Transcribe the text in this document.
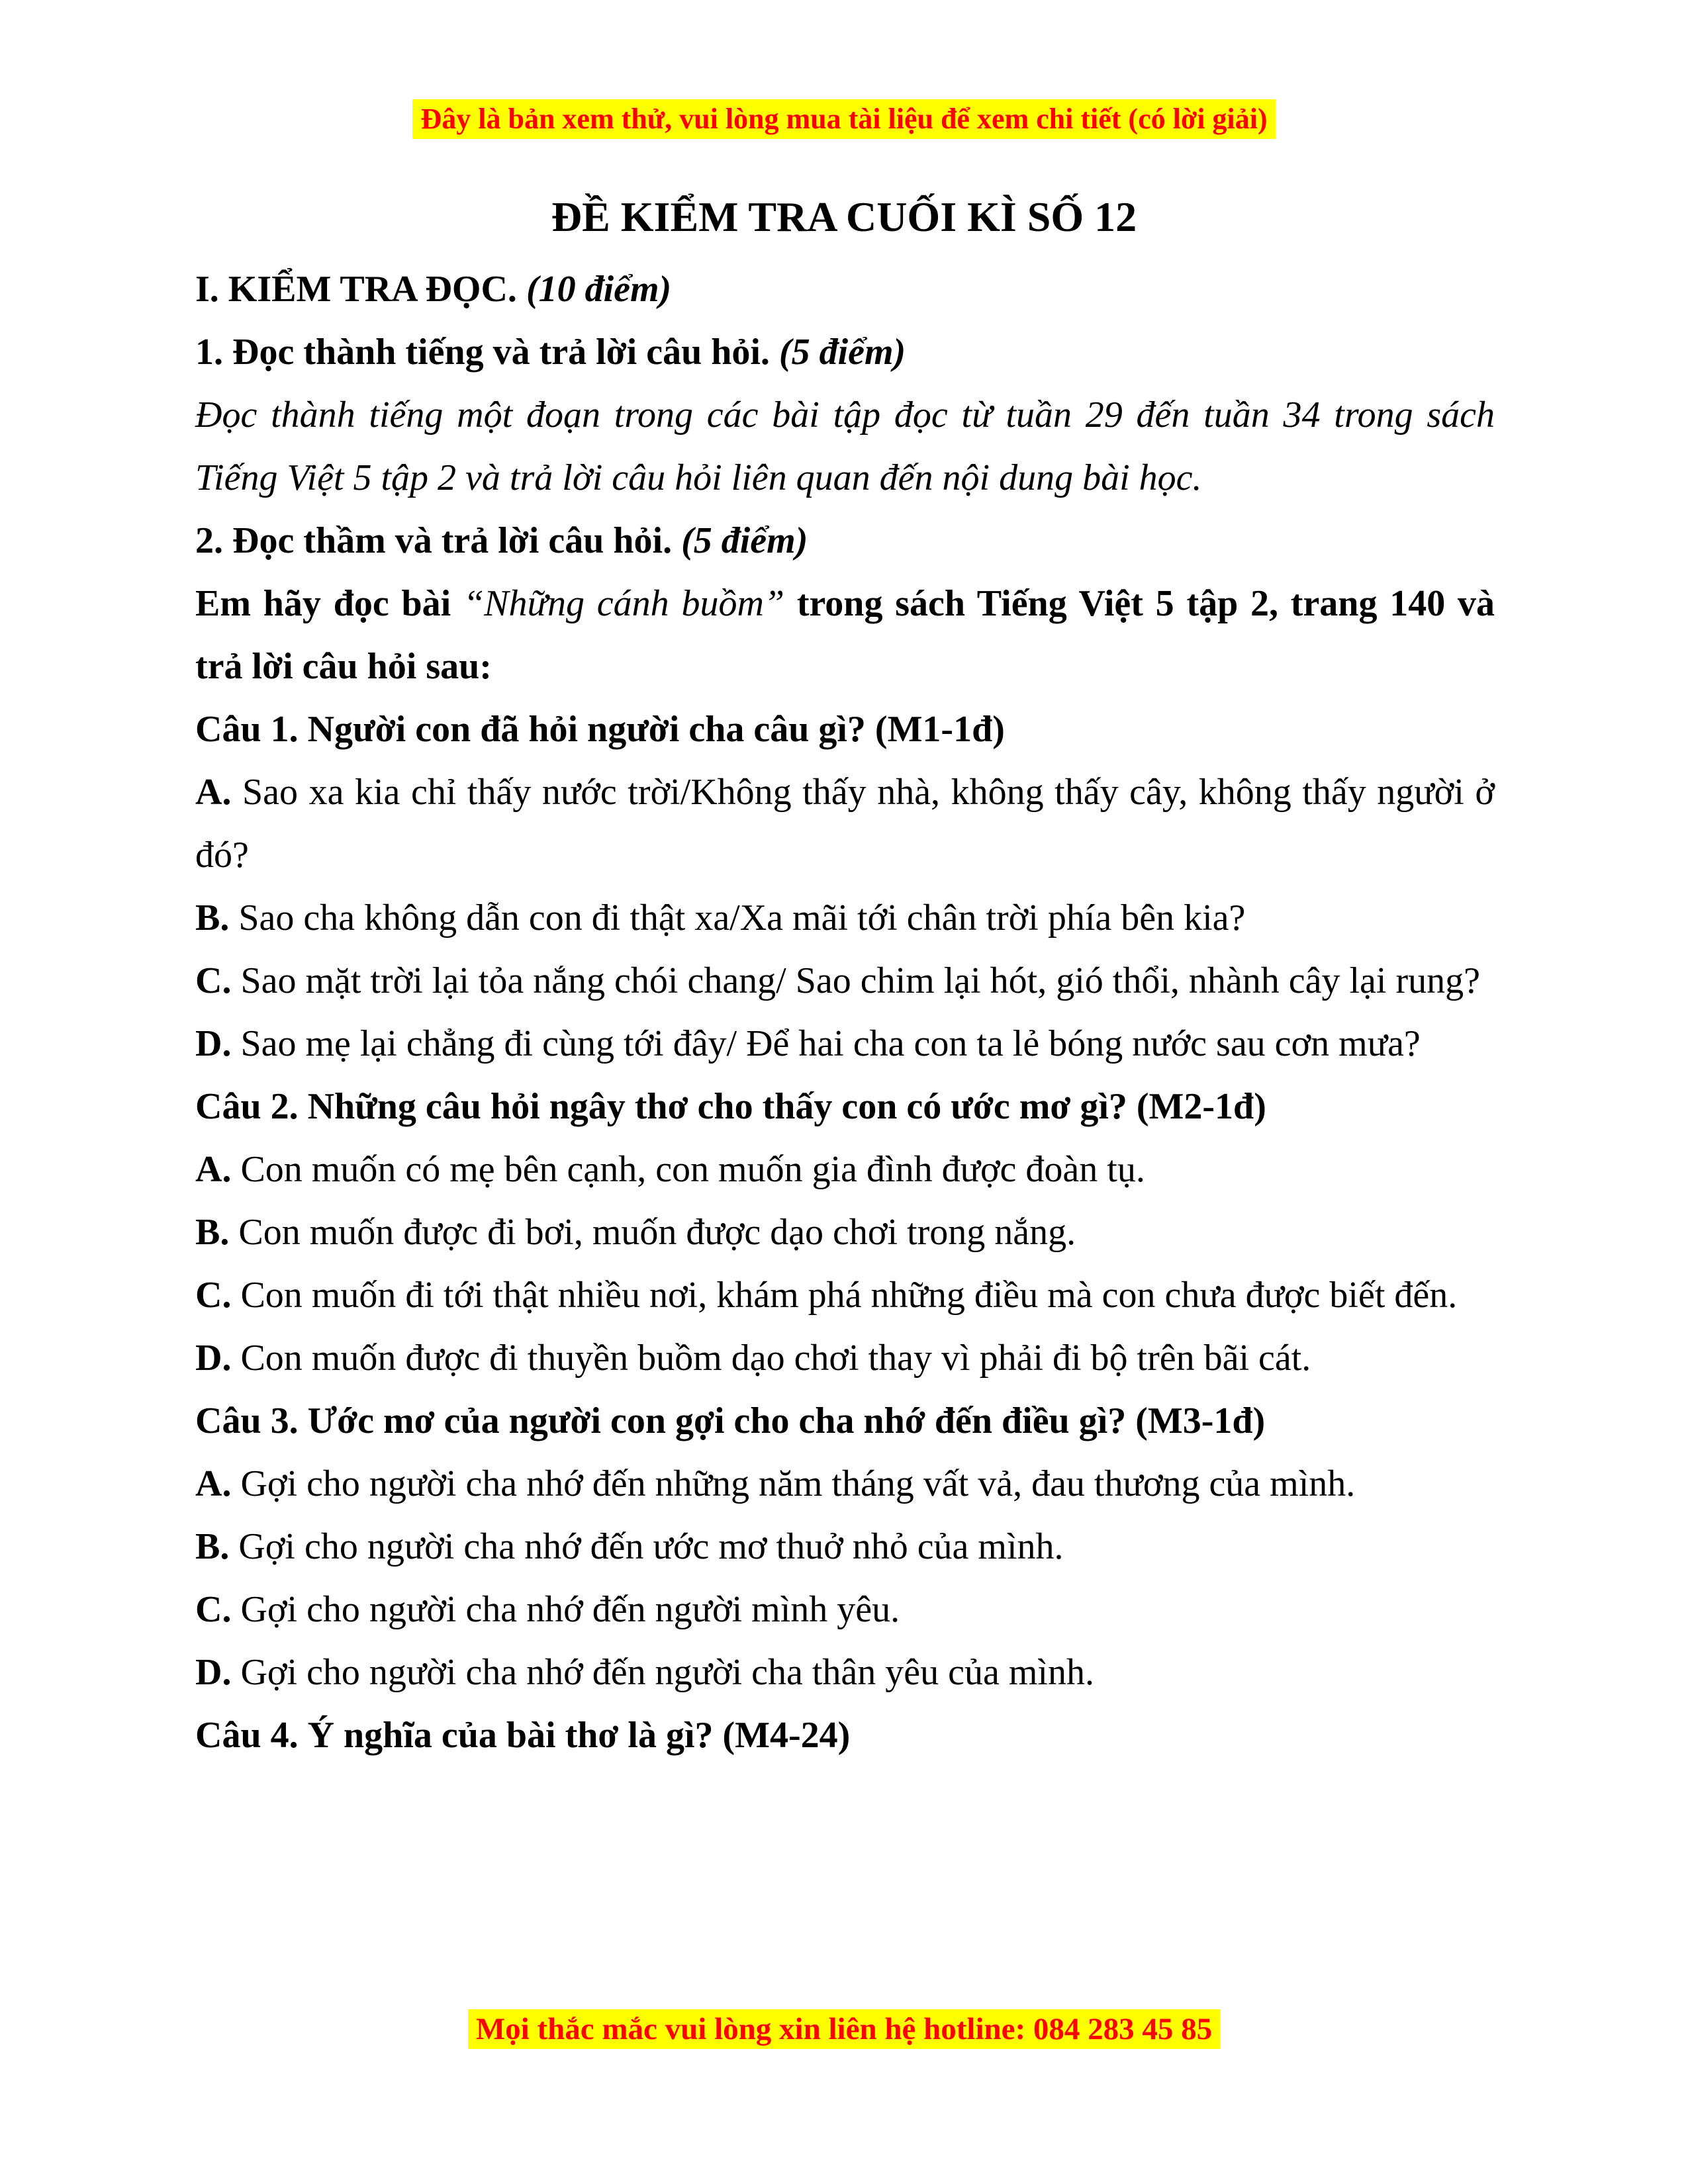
Đây là bản xem thử, vui lòng mua tài liệu để xem chi tiết (có lời giải)
ĐỀ KIỂM TRA CUỐI KÌ SỐ 12

I. KIỂM TRA ĐỌC. (10 điểm)

1. Đọc thành tiếng và trả lời câu hỏi. (5 điểm)

Đọc thành tiếng một đoạn trong các bài tập đọc từ tuần 29 đến tuần 34 trong sách Tiếng Việt 5 tập 2 và trả lời câu hỏi liên quan đến nội dung bài học.

2. Đọc thầm và trả lời câu hỏi. (5 điểm)

Em hãy đọc bài “Những cánh buồm” trong sách Tiếng Việt 5 tập 2, trang 140 và trả lời câu hỏi sau:

Câu 1. Người con đã hỏi người cha câu gì? (M1-1đ)

A. Sao xa kia chỉ thấy nước trời/Không thấy nhà, không thấy cây, không thấy người ở đó?

B. Sao cha không dẫn con đi thật xa/Xa mãi tới chân trời phía bên kia?

C. Sao mặt trời lại tỏa nắng chói chang/ Sao chim lại hót, gió thổi, nhành cây lại rung?

D. Sao mẹ lại chẳng đi cùng tới đây/ Để hai cha con ta lẻ bóng nước sau cơn mưa?

Câu 2. Những câu hỏi ngây thơ cho thấy con có ước mơ gì? (M2-1đ)

A. Con muốn có mẹ bên cạnh, con muốn gia đình được đoàn tụ.

B. Con muốn được đi bơi, muốn được dạo chơi trong nắng.

C. Con muốn đi tới thật nhiều nơi, khám phá những điều mà con chưa được biết đến.

D. Con muốn được đi thuyền buồm dạo chơi thay vì phải đi bộ trên bãi cát.

Câu 3. Ước mơ của người con gợi cho cha nhớ đến điều gì? (M3-1đ)

A. Gợi cho người cha nhớ đến những năm tháng vất vả, đau thương của mình.

B. Gợi cho người cha nhớ đến ước mơ thuở nhỏ của mình.

C. Gợi cho người cha nhớ đến người mình yêu.

D. Gợi cho người cha nhớ đến người cha thân yêu của mình.

Câu 4. Ý nghĩa của bài thơ là gì? (M4-24)

Mọi thắc mắc vui lòng xin liên hệ hotline: 084 283 45 85
